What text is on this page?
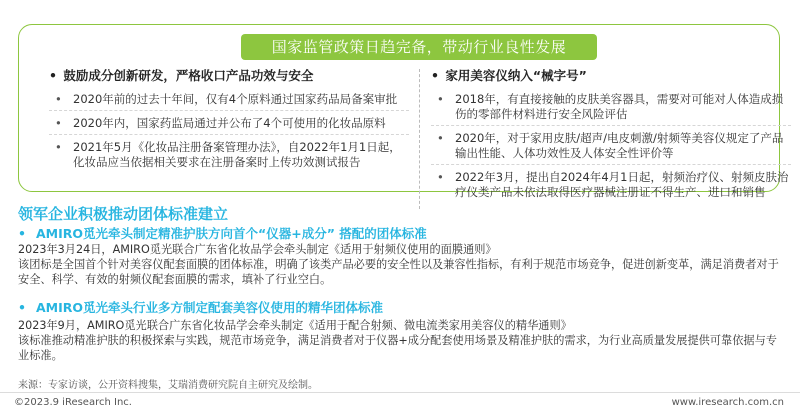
国家监管政策日趋完备，带动行业良性发展
• 鼓励成分创新研发，严格收口产品功效与安全
• 2020年前的过去十年间，仅有4个原料通过国家药品局备案审批
• 2020年内，国家药监局通过并公布了4个可使用的化妆品原料
• 2021年5月《化妆品注册备案管理办法》，自2022年1月1日起，化妆品应当依据相关要求在注册备案时上传功效测试报告
• 家用美容仪纳入“械字号”
• 2018年，有直接接触的皮肤美容器具，需要对可能对人体造成损伤的零部件材料进行安全风险评估
• 2020年，对于家用皮肤/超声/电皮刺激/射频等美容仪规定了产品输出性能、人体功效性及人体安全性评价等
• 2022年3月，提出自2024年4月1日起，射频治疗仪、射频皮肤治疗仪类产品未依法取得医疗器械注册证不得生产、进口和销售
领军企业积极推动团体标准建立
• AMIRO觅光牵头制定精准护肤方向首个“仪器+成分” 搭配的团体标准

2023年3月24日，AMIRO觅光联合广东省化妆品学会牵头制定《适用于射频仪使用的面膜通则》

该团标是全国首个针对美容仪配套面膜的团体标准，明确了该类产品必要的安全性以及兼容性指标，有利于规范市场竞争，促进创新变革，满足消费者对于安全、科学、有效的射频仪配套面膜的需求，填补了行业空白。

• AMIRO觅光牵头行业多方制定配套美容仪使用的精华团体标准

2023年9月，AMIRO觅光联合广东省化妆品学会牵头制定《适用于配合射频、微电流类家用美容仪的精华通则》

该标准推动精准护肤的积极探索与实践，规范市场竞争，满足消费者对于仪器+成分配套使用场景及精准护肤的需求，为行业高质量发展提供可靠依据与专业标准。

来源：专家访谈，公开资料搜集，艾瑞消费研究院自主研究及绘制。
©2023.9 iResearch Inc.	www.iresearch.com.cn
